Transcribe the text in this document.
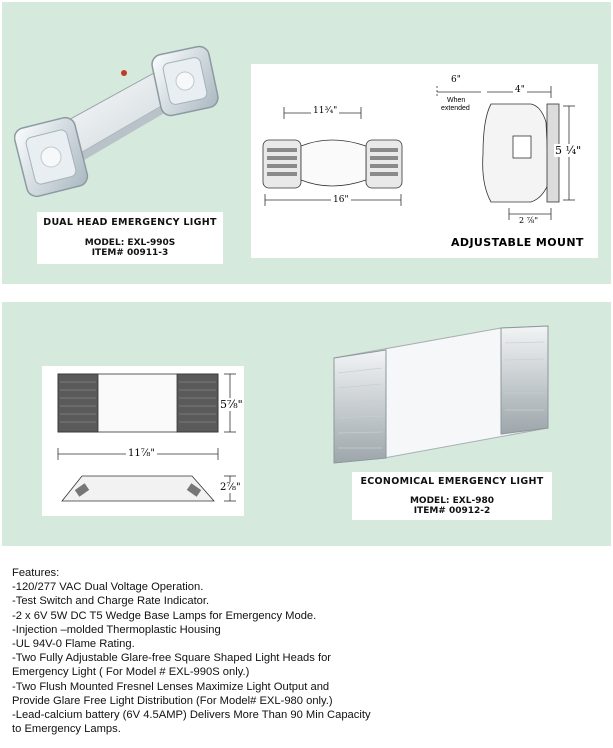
DUAL HEAD EMERGENCY LIGHT
MODEL: EXL-990S
ITEM# 00911-3
11³⁄₄"
16"
6"
When
extended
4"
5 ¹⁄₄"
2 ⁷⁄₈"
ADJUSTABLE MOUNT
5⁷⁄₈"
11⁷⁄₈"
2⁷⁄₈"
ECONOMICAL EMERGENCY LIGHT
MODEL: EXL-980
ITEM# 00912-2
Features:
-120/277 VAC Dual Voltage Operation.
-Test Switch and Charge Rate Indicator.
-2 x 6V 5W DC T5 Wedge Base Lamps for Emergency Mode.
-Injection –molded Thermoplastic Housing
-UL 94V-0 Flame Rating.
-Two Fully Adjustable Glare-free Square Shaped Light Heads for
Emergency Light ( For Model # EXL-990S only.)
-Two Flush Mounted Fresnel Lenses Maximize Light Output and
Provide Glare Free Light Distribution (For Model# EXL-980 only.)
-Lead-calcium battery (6V 4.5AMP) Delivers More Than 90 Min Capacity
to Emergency Lamps.
